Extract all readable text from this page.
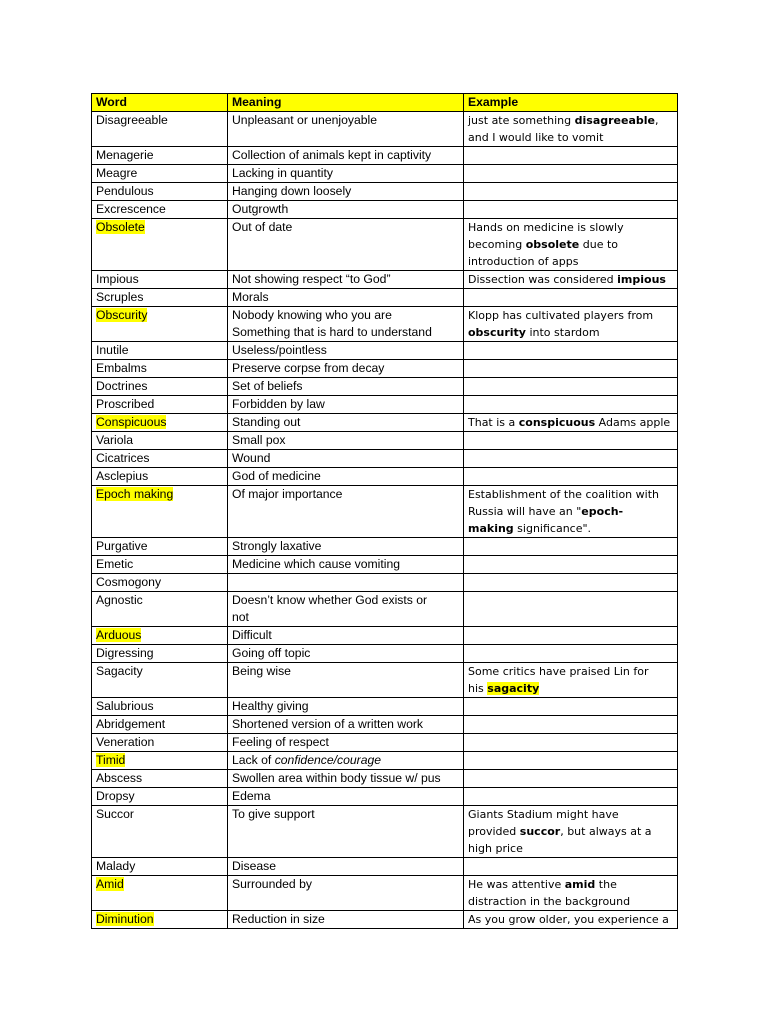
Word	Meaning	Example
Disagreeable	Unpleasant or unenjoyable	just ate something disagreeable,
and I would like to vomit

Menagerie	Collection of animals kept in captivity	

Meagre	Lacking in quantity	

Pendulous	Hanging down loosely	

Excrescence	Outgrowth	

Obsolete	Out of date	Hands on medicine is slowly
becoming obsolete due to
introduction of apps

Impious	Not showing respect “to God”	Dissection was considered impious

Scruples	Morals	

Obscurity	Nobody knowing who you are
Something that is hard to understand	Klopp has cultivated players from
obscurity into stardom

Inutile	Useless/pointless	

Embalms	Preserve corpse from decay	

Doctrines	Set of beliefs	

Proscribed	Forbidden by law	

Conspicuous	Standing out	That is a conspicuous Adams apple

Variola	Small pox	

Cicatrices	Wound	

Asclepius	God of medicine	

Epoch making	Of major importance	Establishment of the coalition with
Russia will have an "epoch-
making significance".

Purgative	Strongly laxative	

Emetic	Medicine which cause vomiting	

Cosmogony		
Agnostic	Doesn’t know whether God exists or
not	

Arduous	Difficult	

Digressing	Going off topic	

Sagacity	Being wise	Some critics have praised Lin for
his sagacity

Salubrious	Healthy giving	

Abridgement	Shortened version of a written work	

Veneration	Feeling of respect	

Timid	Lack of confidence/courage	

Abscess	Swollen area within body tissue w/ pus	

Dropsy	Edema	

Succor	To give support	Giants Stadium might have
provided succor, but always at a
high price

Malady	Disease	

Amid	Surrounded by	He was attentive amid the
distraction in the background

Diminution	Reduction in size	As you grow older, you experience a
